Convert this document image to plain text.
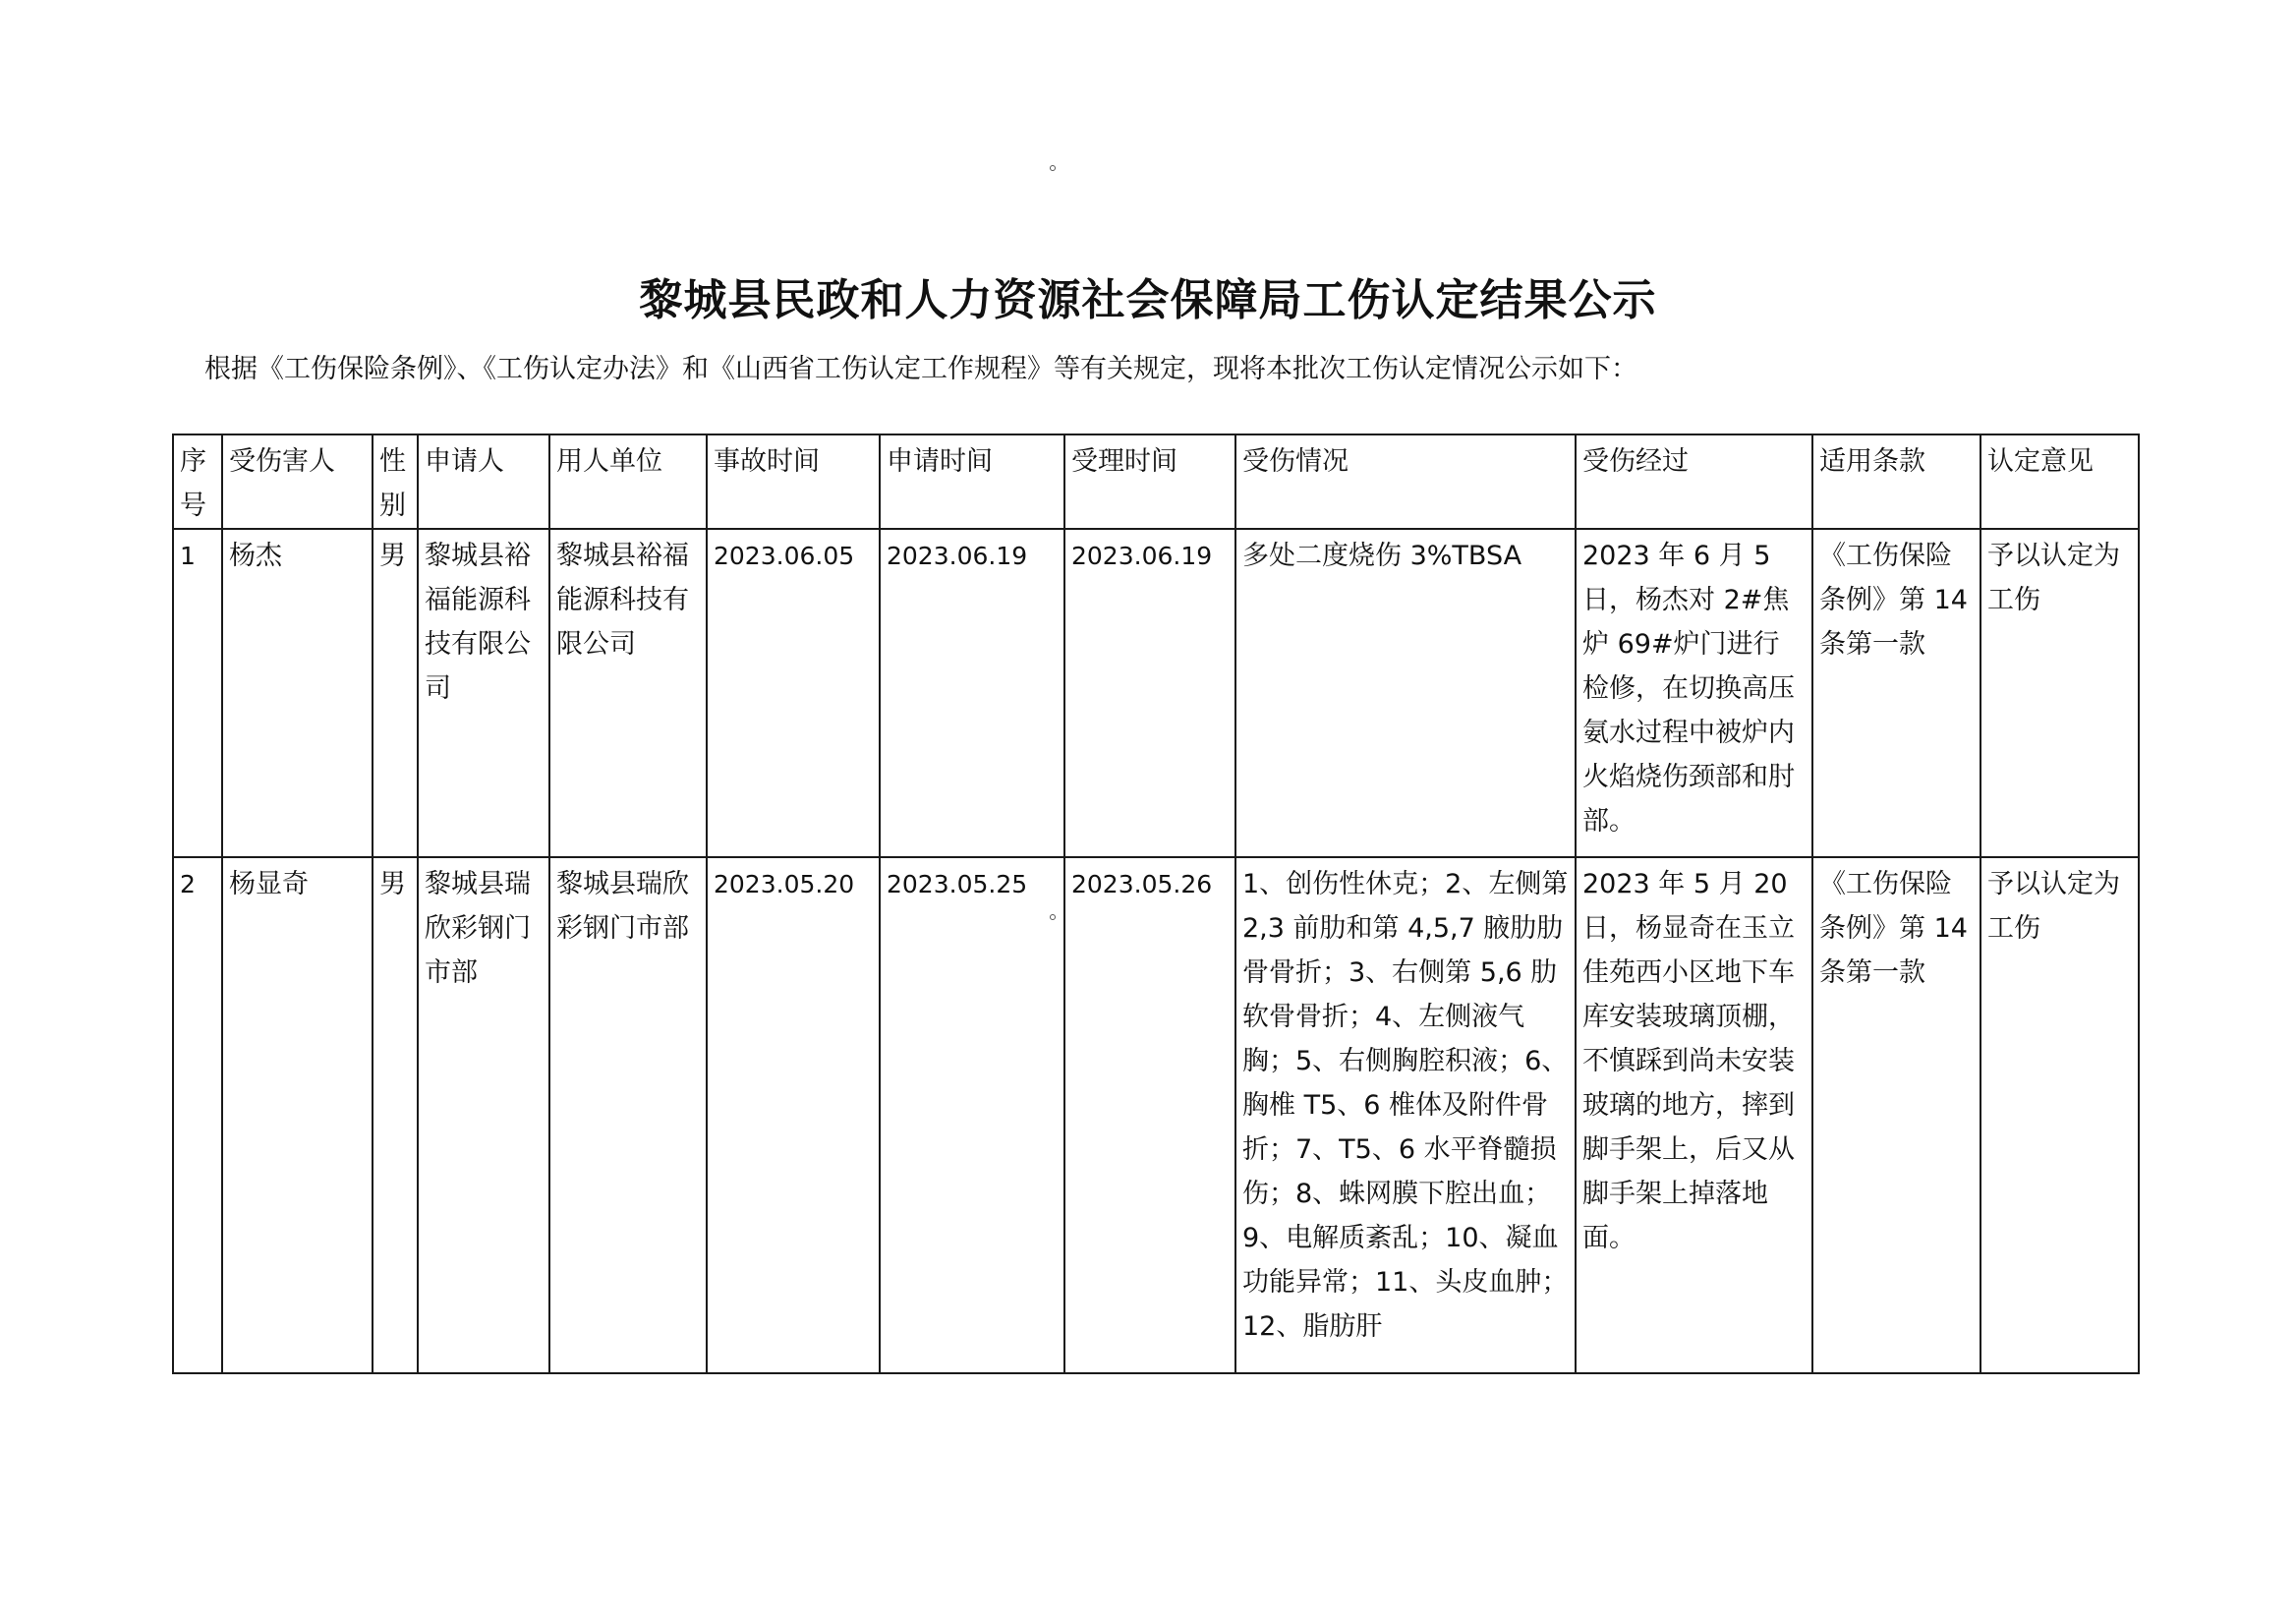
黎城县民政和人力资源社会保障局工伤认定结果公示
根据《工伤保险条例》、《工伤认定办法》和《山西省工伤认定工作规程》等有关规定，现将本批次工伤认定情况公示如下：
序号	受伤害人	性别	申请人	用人单位	事故时间	申请时间	受理时间	受伤情况	受伤经过	适用条款	认定意见
1	杨杰	男	黎城县裕福能源科技有限公司	黎城县裕福能源科技有限公司	2023.06.05	2023.06.19	2023.06.19	多处二度烧伤 3%TBSA	2023 年 6 月 5 日，杨杰对 2#焦炉 69#炉门进行检修，在切换高压氨水过程中被炉内火焰烧伤颈部和肘部。	《工伤保险条例》第 14 条第一款	予以认定为工伤
2	杨显奇	男	黎城县瑞欣彩钢门市部	黎城县瑞欣彩钢门市部	2023.05.20	2023.05.25	2023.05.26	1、创伤性休克；2、左侧第 2,3 前肋和第 4,5,7 腋肋肋骨骨折；3、右侧第 5,6 肋软骨骨折；4、左侧液气胸；5、右侧胸腔积液；6、胸椎 T5、6 椎体及附件骨折；7、T5、6 水平脊髓损伤；8、蛛网膜下腔出血；9、电解质紊乱；10、凝血功能异常；11、头皮血肿；12、脂肪肝	2023 年 5 月 20 日，杨显奇在玉立佳苑西小区地下车库安装玻璃顶棚，不慎踩到尚未安装玻璃的地方，摔到脚手架上，后又从脚手架上掉落地面。	《工伤保险条例》第 14 条第一款	予以认定为工伤
